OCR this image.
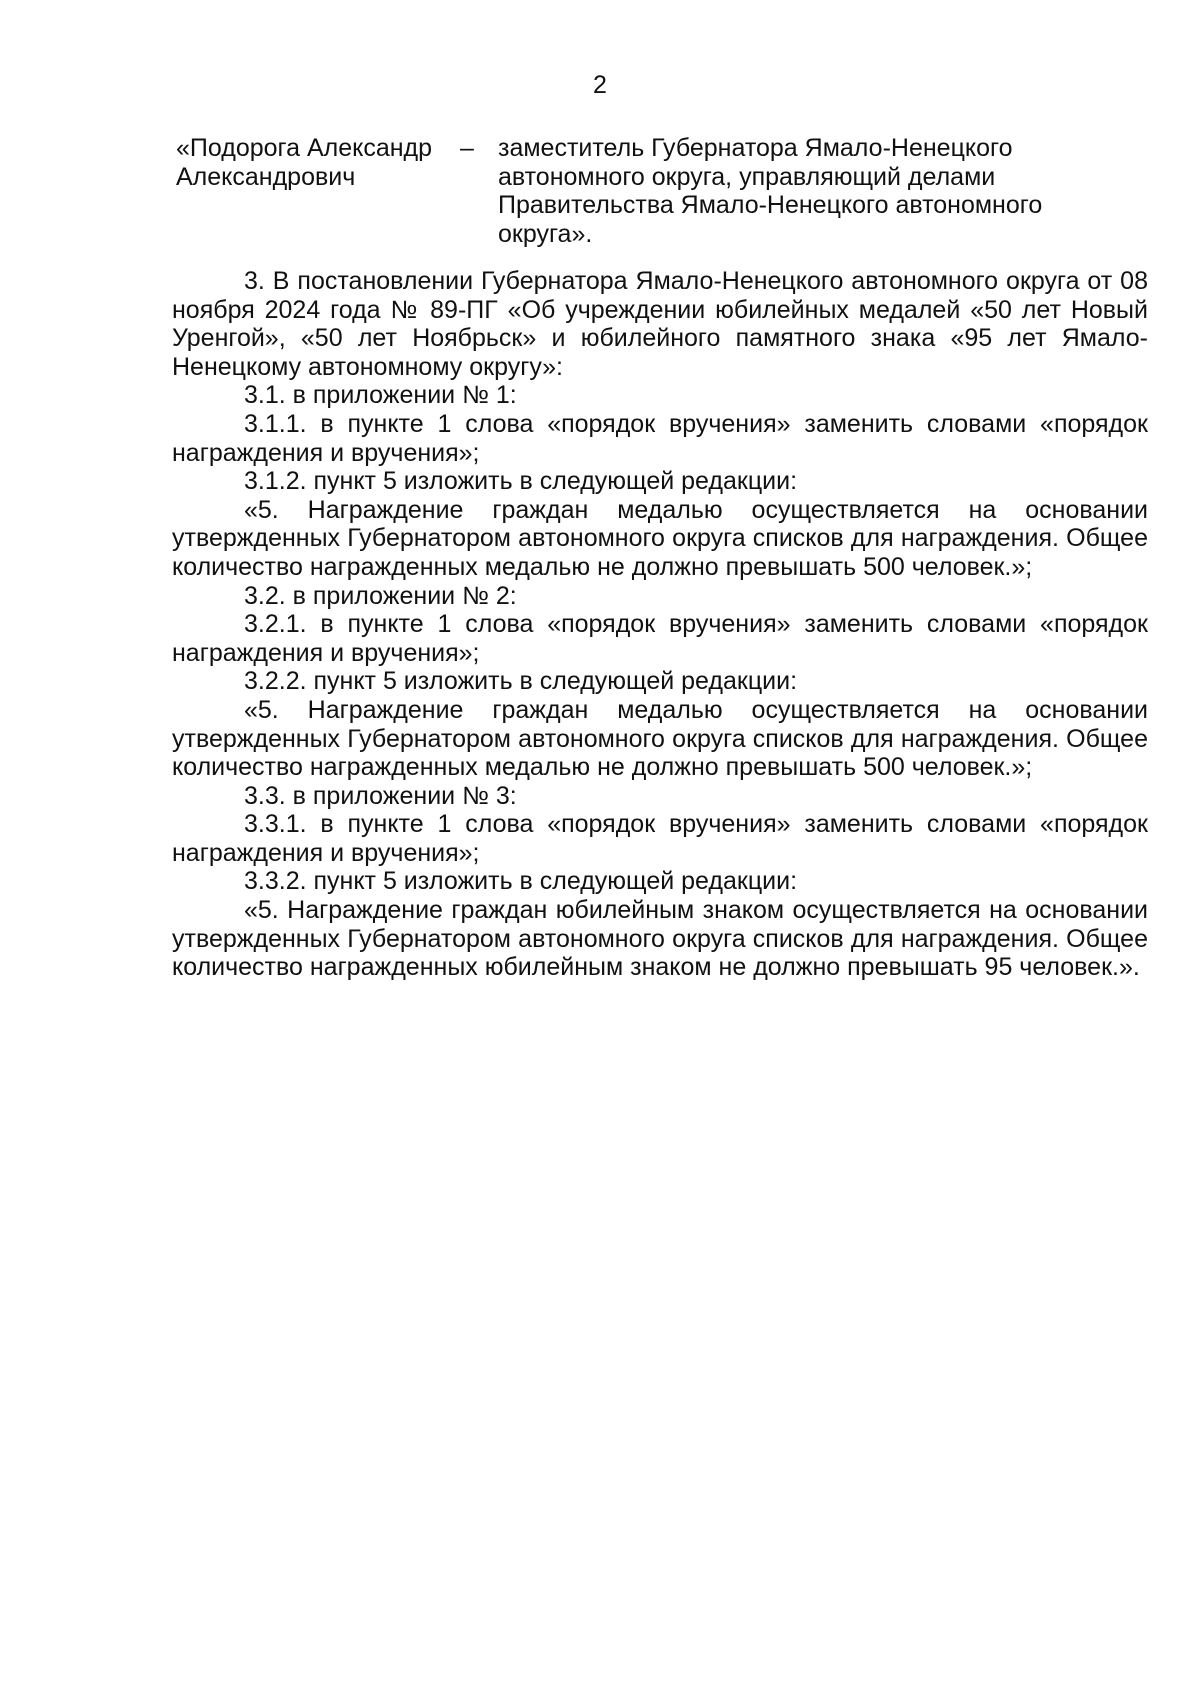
2
«Подорога Александр
Александрович
– заместитель Губернатора Ямало-Ненецкого автономного округа, управляющий делами Правительства Ямало-Ненецкого автономного округа».

3. В постановлении Губернатора Ямало-Ненецкого автономного округа от 08 ноября 2024 года № 89-ПГ «Об учреждении юбилейных медалей «50 лет Новый Уренгой», «50 лет Ноябрьск» и юбилейного памятного знака «95 лет Ямало-Ненецкому автономному округу»:

3.1. в приложении № 1:

3.1.1. в пункте 1 слова «порядок вручения» заменить словами «порядок награждения и вручения»;

3.1.2. пункт 5 изложить в следующей редакции:

«5. Награждение граждан медалью осуществляется на основании утвержденных Губернатором автономного округа списков для награждения. Общее количество награжденных медалью не должно превышать 500 человек.»;

3.2. в приложении № 2:

3.2.1. в пункте 1 слова «порядок вручения» заменить словами «порядок награждения и вручения»;

3.2.2. пункт 5 изложить в следующей редакции:

«5. Награждение граждан медалью осуществляется на основании утвержденных Губернатором автономного округа списков для награждения. Общее количество награжденных медалью не должно превышать 500 человек.»;

3.3. в приложении № 3:

3.3.1. в пункте 1 слова «порядок вручения» заменить словами «порядок награждения и вручения»;

3.3.2. пункт 5 изложить в следующей редакции:

«5. Награждение граждан юбилейным знаком осуществляется на основании утвержденных Губернатором автономного округа списков для награждения. Общее количество награжденных юбилейным знаком не должно превышать 95 человек.».
